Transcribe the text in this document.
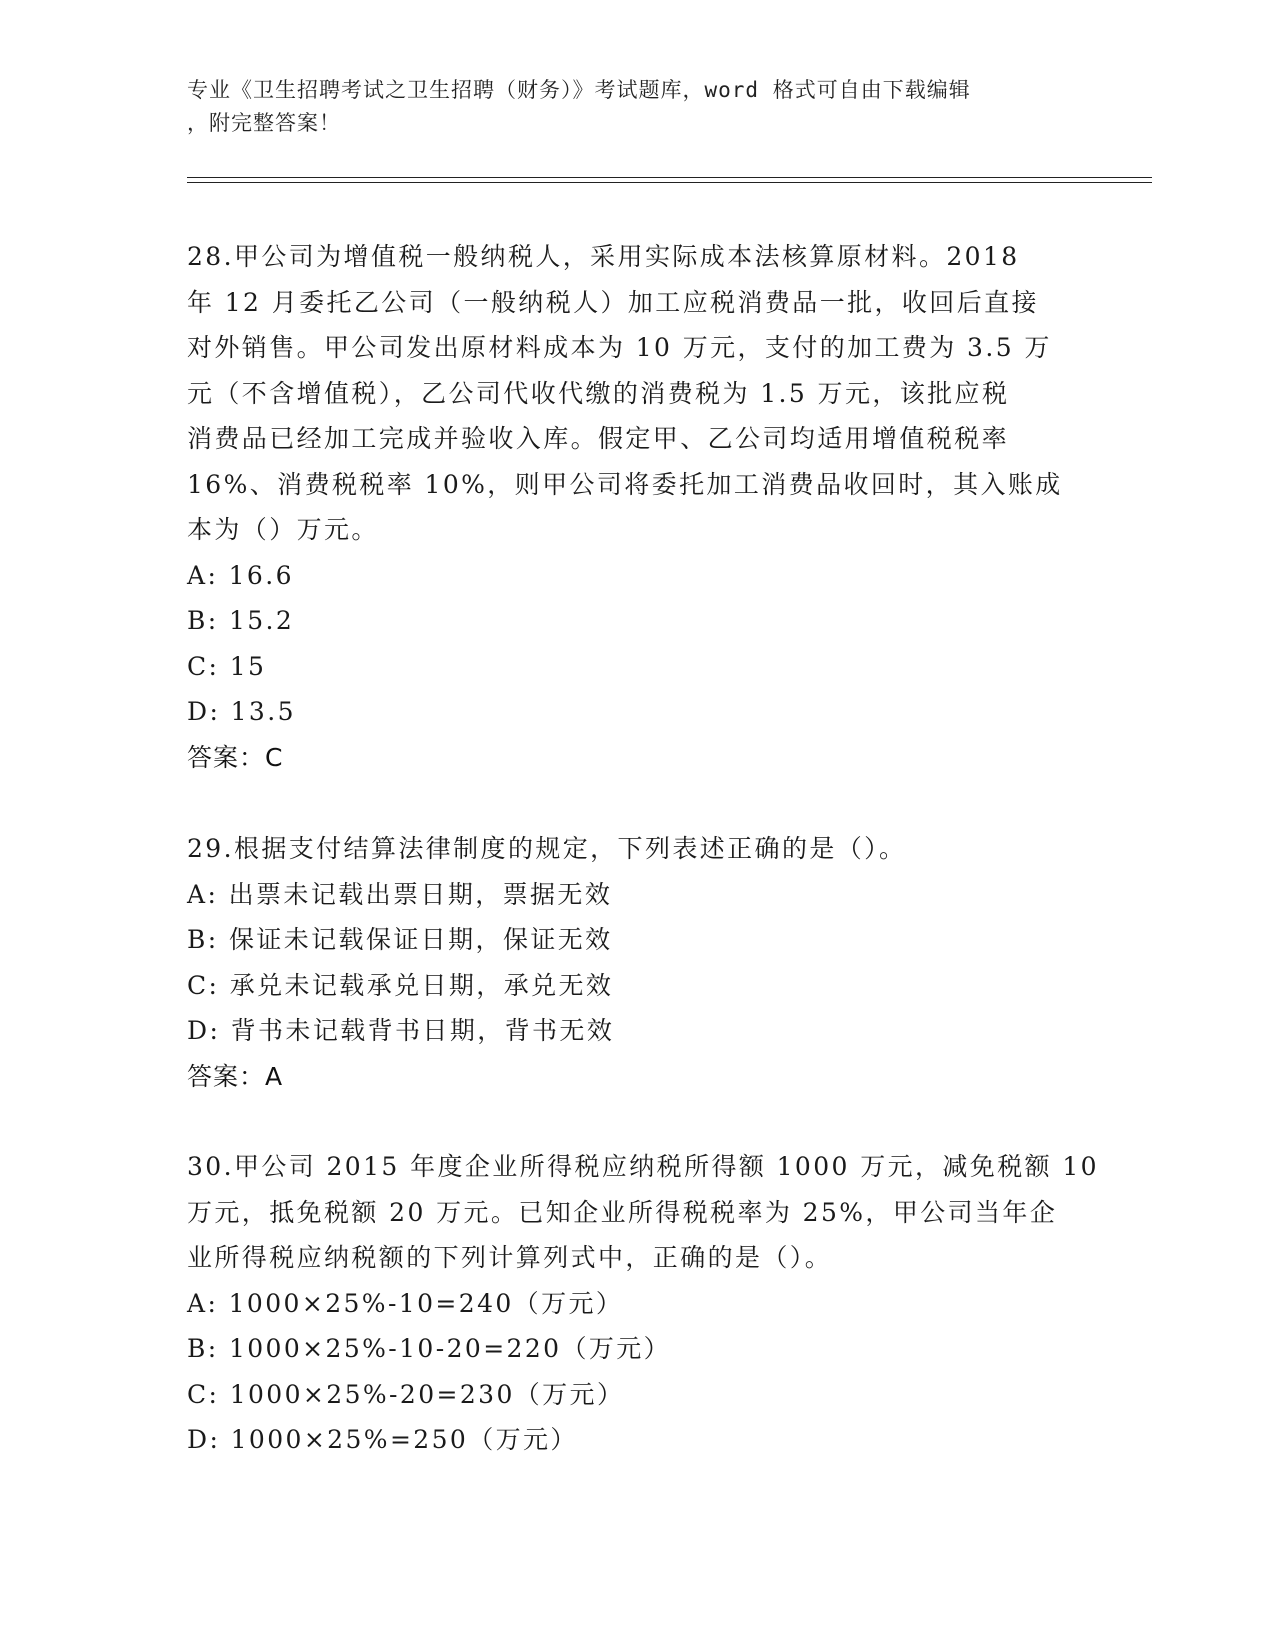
专业《卫生招聘考试之卫生招聘（财务）》考试题库，word 格式可自由下载编辑
，附完整答案！
28.甲公司为增值税一般纳税人，采用实际成本法核算原材料。2018
年 12 月委托乙公司（一般纳税人）加工应税消费品一批，收回后直接
对外销售。甲公司发出原材料成本为 10 万元，支付的加工费为 3.5 万
元（不含增值税），乙公司代收代缴的消费税为 1.5 万元，该批应税
消费品已经加工完成并验收入库。假定甲、乙公司均适用增值税税率
16%、消费税税率 10%，则甲公司将委托加工消费品收回时，其入账成
本为（）万元。
A: 16.6
B: 15.2
C: 15
D: 13.5
答案：C
29.根据支付结算法律制度的规定，下列表述正确的是（）。
A: 出票未记载出票日期，票据无效
B: 保证未记载保证日期，保证无效
C: 承兑未记载承兑日期，承兑无效
D: 背书未记载背书日期，背书无效
答案：A
30.甲公司 2015 年度企业所得税应纳税所得额 1000 万元，减免税额 10
万元，抵免税额 20 万元。已知企业所得税税率为 25%，甲公司当年企
业所得税应纳税额的下列计算列式中，正确的是（）。
A: 1000×25%-10=240（万元）
B: 1000×25%-10-20=220（万元）
C: 1000×25%-20=230（万元）
D: 1000×25%=250（万元）
